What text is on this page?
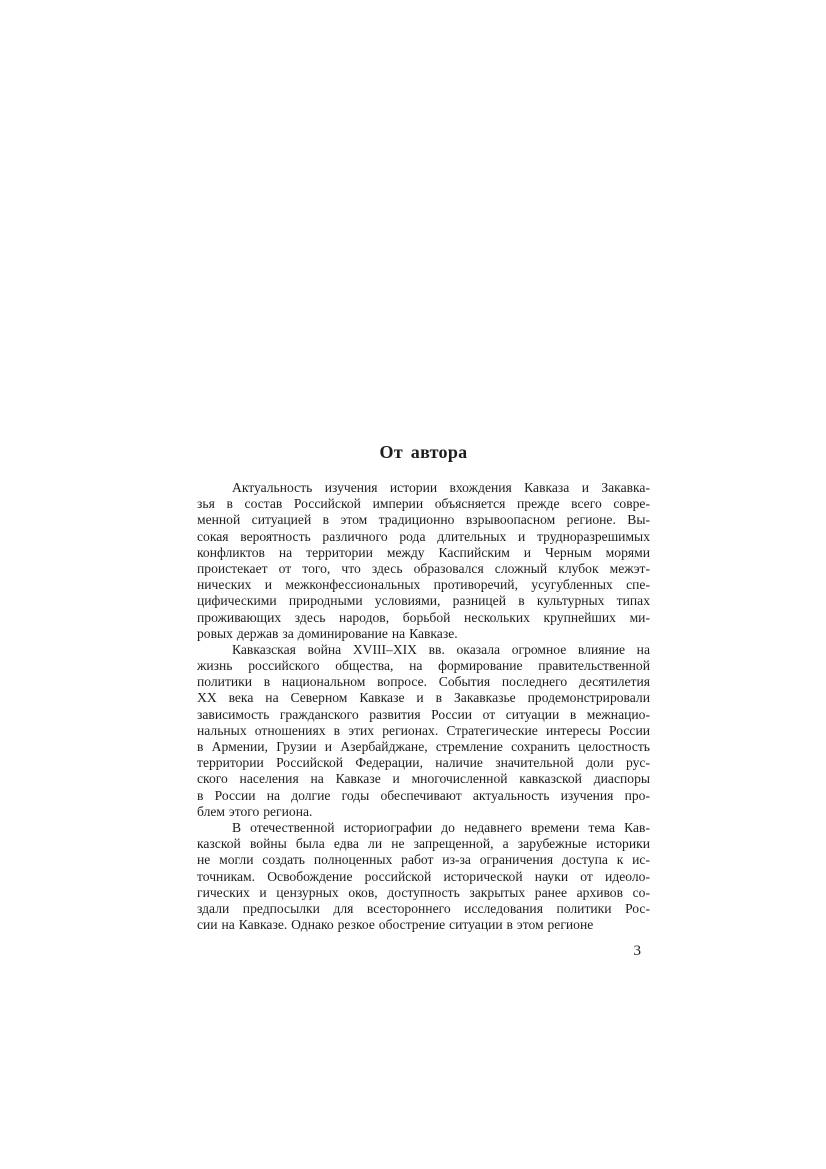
От автора
Актуальность изучения истории вхождения Кавказа и Закавка-
зья в состав Российской империи объясняется прежде всего совре-
менной ситуацией в этом традиционно взрывоопасном регионе. Вы-
сокая вероятность различного рода длительных и трудноразрешимых
конфликтов на территории между Каспийским и Черным морями
проистекает от того, что здесь образовался сложный клубок межэт-
нических и межконфессиональных противоречий, усугубленных спе-
цифическими природными условиями, разницей в культурных типах
проживающих здесь народов, борьбой нескольких крупнейших ми-
ровых держав за доминирование на Кавказе.
Кавказская война XVIII–XIX вв. оказала огромное влияние на
жизнь российского общества, на формирование правительственной
политики в национальном вопросе. События последнего десятилетия
XX века на Северном Кавказе и в Закавказье продемонстрировали
зависимость гражданского развития России от ситуации в межнацио-
нальных отношениях в этих регионах. Стратегические интересы России
в Армении, Грузии и Азербайджане, стремление сохранить целостность
территории Российской Федерации, наличие значительной доли рус-
ского населения на Кавказе и многочисленной кавказской диаспоры
в России на долгие годы обеспечивают актуальность изучения про-
блем этого региона.
В отечественной историографии до недавнего времени тема Кав-
казской войны была едва ли не запрещенной, а зарубежные историки
не могли создать полноценных работ из-за ограничения доступа к ис-
точникам. Освобождение российской исторической науки от идеоло-
гических и цензурных оков, доступность закрытых ранее архивов со-
здали предпосылки для всестороннего исследования политики Рос-
сии на Кавказе. Однако резкое обострение ситуации в этом регионе
3
